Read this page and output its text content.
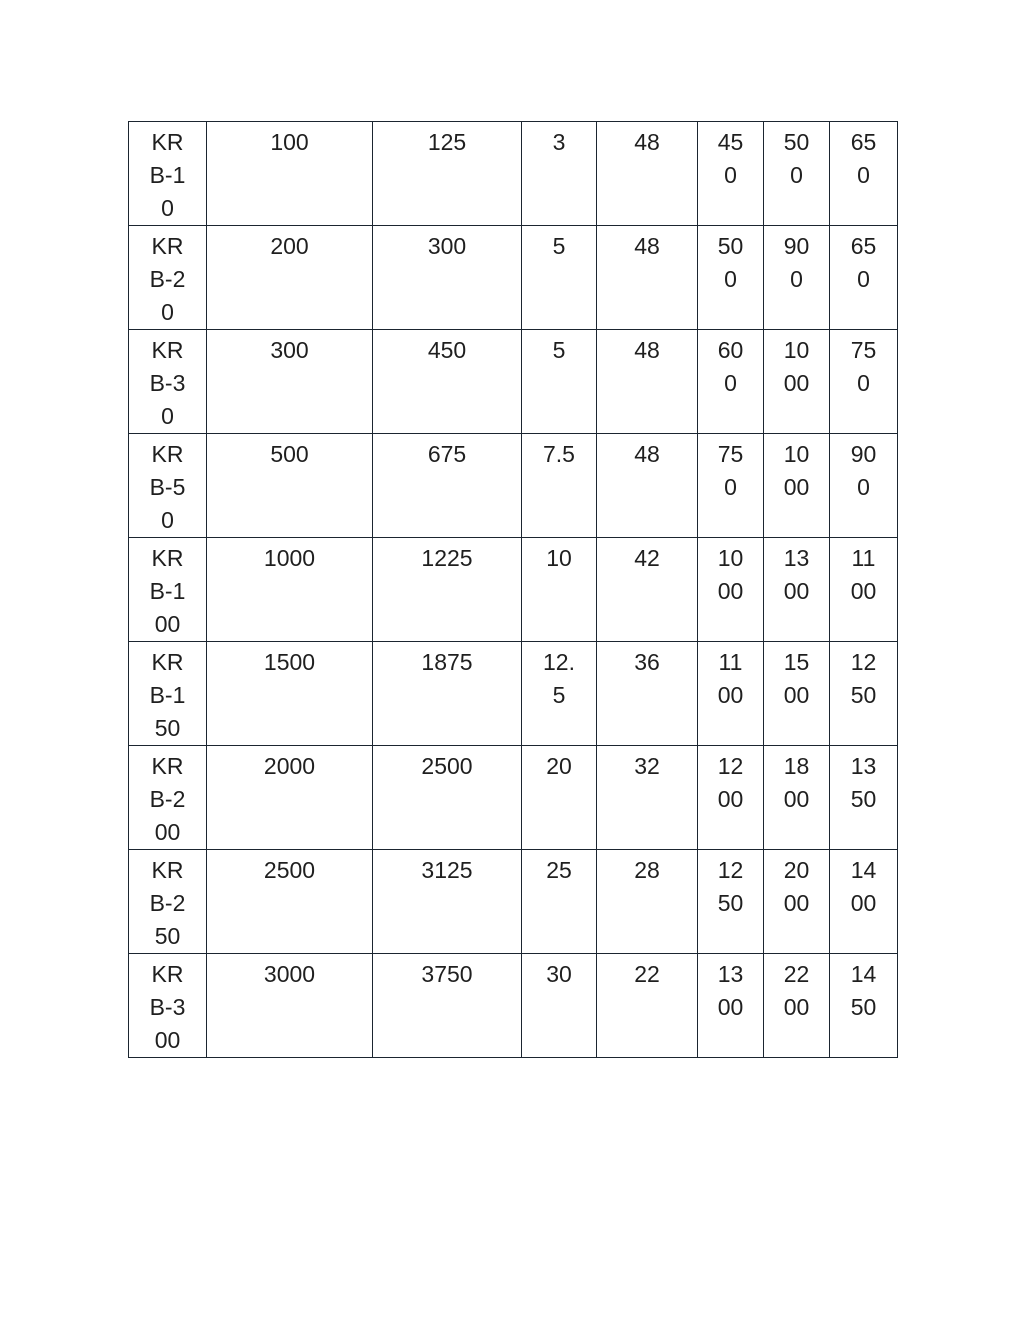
KRB-10	100	125	3	48	450	500	650

KRB-20	200	300	5	48	500	900	650

KRB-30	300	450	5	48	600	1000	750

KRB-50	500	675	7.5	48	750	1000	900

KRB-100	1000	1225	10	42	1000	1300	1100

KRB-150	1500	1875	12.5	36	1100	1500	1250

KRB-200	2000	2500	20	32	1200	1800	1350

KRB-250	2500	3125	25	28	1250	2000	1400

KRB-300	3000	3750	30	22	1300	2200	1450
